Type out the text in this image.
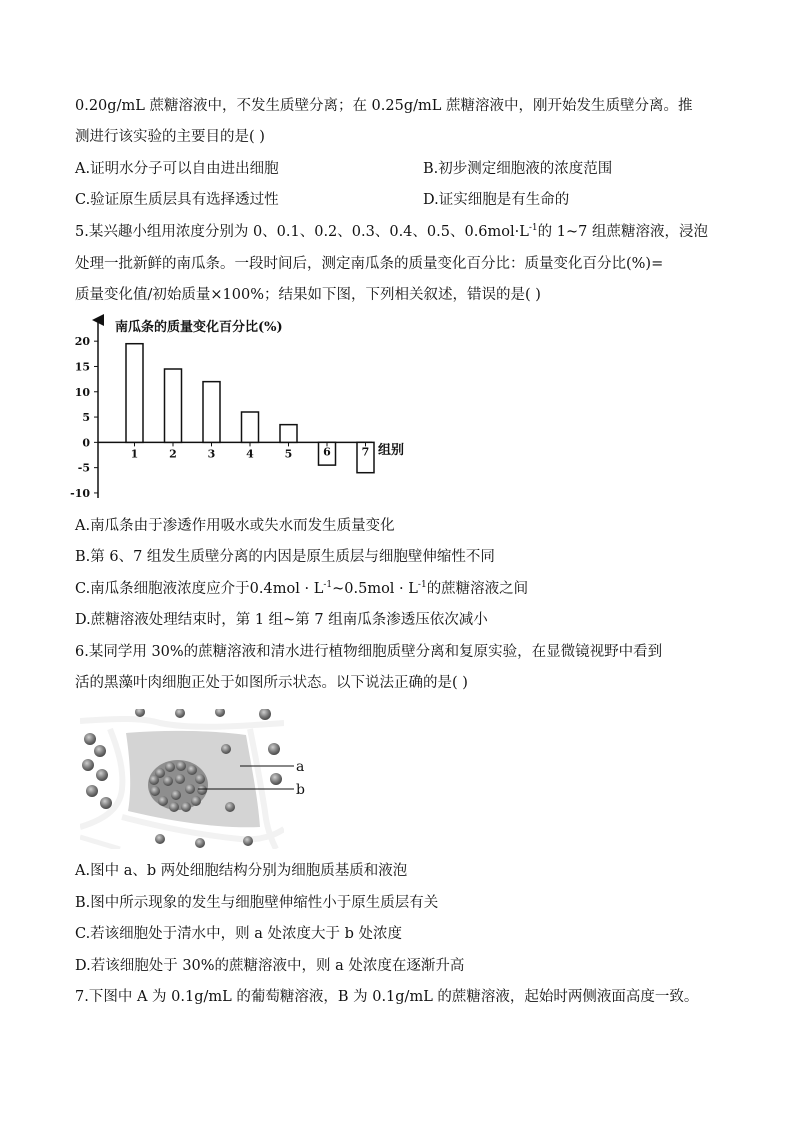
0.20g/mL 蔗糖溶液中，不发生质壁分离；在 0.25g/mL 蔗糖溶液中，刚开始发生质壁分离。推
测进行该实验的主要目的是( )
A.证明水分子可以自由进出细胞	B.初步测定细胞液的浓度范围
C.验证原生质层具有选择透过性	D.证实细胞是有生命的
5.某兴趣小组用浓度分别为 0、0.1、0.2、0.3、0.4、0.5、$0.6mol\cdot L^{-1}$的 1~7 组蔗糖溶液，浸泡
处理一批新鲜的南瓜条。一段时间后，测定南瓜条的质量变化百分比：质量变化百分比(%)=
质量变化值/初始质量×100%；结果如下图，下列相关叙述，错误的是( )
南瓜条的质量变化百分比(%)
组别
20
15
10
5
0
-5
-10
1	2	3	4	5	6	7
A.南瓜条由于渗透作用吸水或失水而发生质量变化
B.第 6、7 组发生质壁分离的内因是原生质层与细胞壁伸缩性不同
C.南瓜条细胞液浓度应介于$0.4mol \cdot L^{-1}\sim 0.5mol \cdot L^{-1}$的蔗糖溶液之间
D.蔗糖溶液处理结束时，第 1 组~第 7 组南瓜条渗透压依次减小
6.某同学用 30%的蔗糖溶液和清水进行植物细胞质壁分离和复原实验，在显微镜视野中看到
活的黑藻叶肉细胞正处于如图所示状态。以下说法正确的是( )
a
b
A.图中 a、b 两处细胞结构分别为细胞质基质和液泡
B.图中所示现象的发生与细胞壁伸缩性小于原生质层有关
C.若该细胞处于清水中，则 a 处浓度大于 b 处浓度
D.若该细胞处于 30%的蔗糖溶液中，则 a 处浓度在逐渐升高
7.下图中 A 为 0.1g/mL 的葡萄糖溶液，B 为 0.1g/mL 的蔗糖溶液，起始时两侧液面高度一致。
